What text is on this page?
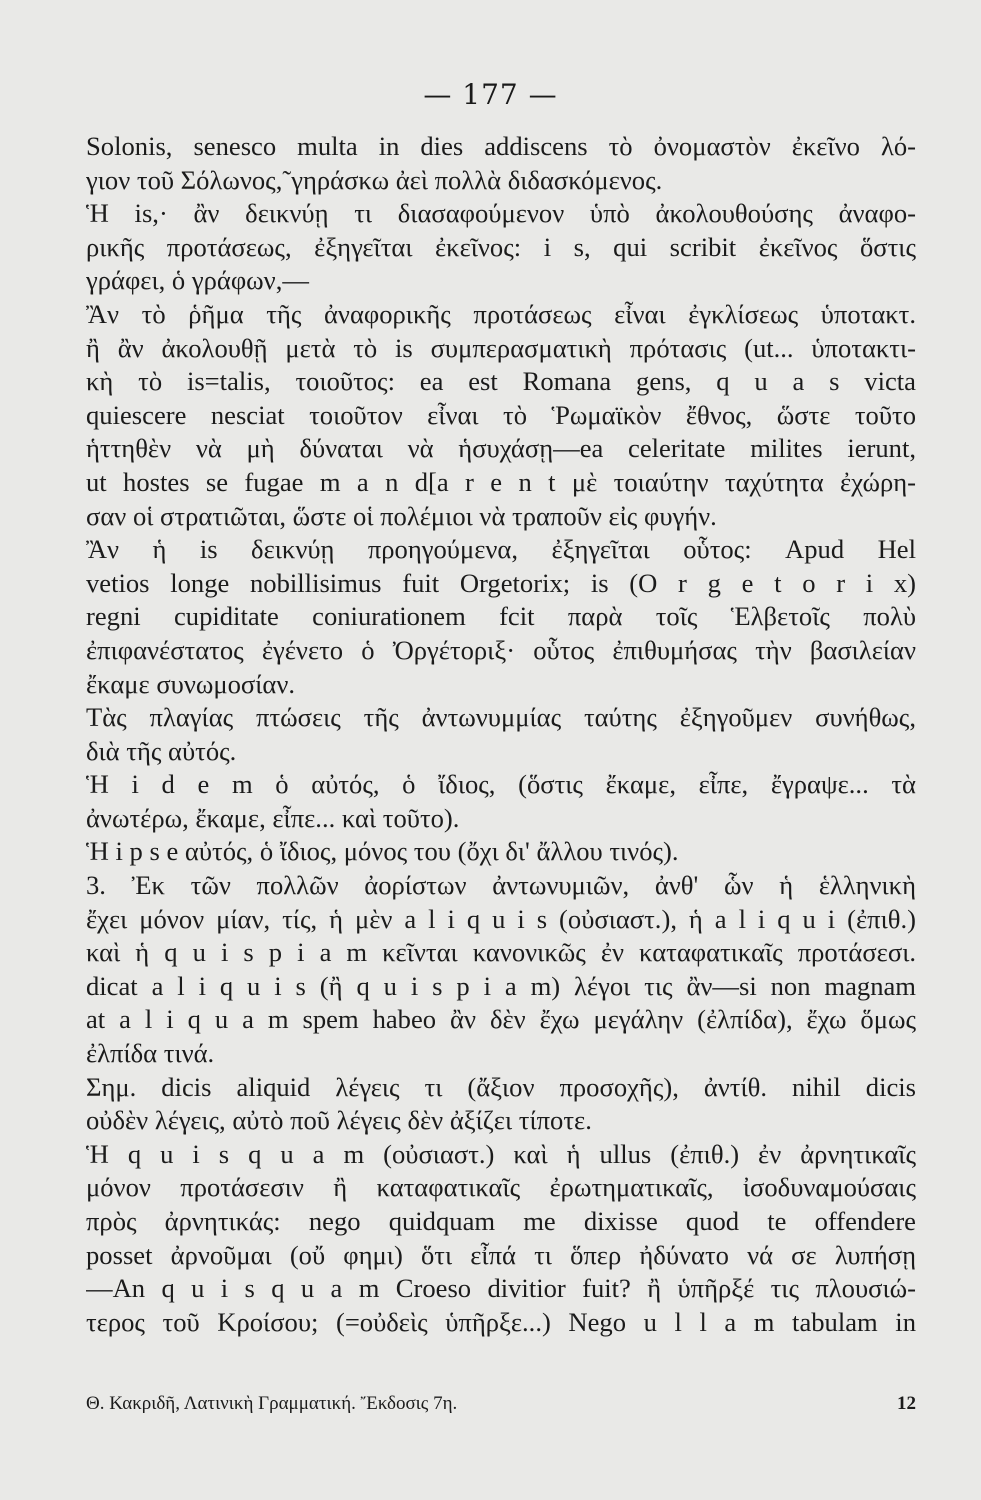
— 177 —
Solonis, senesco multa in dies addiscens τὸ ὀνομαστὸν ἐκεῖνο λό-
γιον τοῦ Σόλωνος,˜γηράσκω ἀεὶ πολλὰ διδασκόμενος.
Ἡ is,· ἂν δεικνύῃ τι διασαφούμενον ὑπὸ ἀκολουθούσης ἀναφο-
ρικῆς προτάσεως, ἐξηγεῖται ἐκεῖνος: i s, qui scribit ἐκεῖνος ὅστις
γράφει, ὁ γράφων,—
Ἂν τὸ ῥῆμα τῆς ἀναφορικῆς προτάσεως εἶναι ἐγκλίσεως ὑποτακτ.
ἢ ἂν ἀκολουθῇ μετὰ τὸ is συμπερασματικὴ πρότασις (ut... ὑποτακτι-
κὴ τὸ is=talis, τοιοῦτος: ea est Romana gens, q u a s victa
quiescere nesciat τοιοῦτον εἶναι τὸ Ῥωμαϊκὸν ἔθνος, ὥστε τοῦτο
ἡττηθὲν νὰ μὴ δύναται νὰ ἡσυχάσῃ—ea celeritate milites ierunt,
ut hostes se fugae m a n d[a r e n t μὲ τοιαύτην ταχύτητα ἐχώρη-
σαν οἱ στρατιῶται, ὥστε οἱ πολέμιοι νὰ τραποῦν εἰς φυγήν.
Ἂν ἡ is δεικνύῃ προηγούμενα, ἐξηγεῖται οὗτος: Apud Hel
vetios longe nobillisimus fuit Orgetorix; is (O r g e t o r i x)
regni cupiditate coniurationem fcit παρὰ τοῖς Ἑλβετοῖς πολὺ
ἐπιφανέστατος ἐγένετο ὁ Ὀργέτοριξ· οὗτος ἐπιθυμήσας τὴν βασιλείαν
ἔκαμε συνωμοσίαν.
Τὰς πλαγίας πτώσεις τῆς ἀντωνυμμίας ταύτης ἐξηγοῦμεν συνήθως,
διὰ τῆς αὐτός.
Ἡ i d e m ὁ αὐτός, ὁ ἴδιος, (ὅστις ἔκαμε, εἶπε, ἔγραψε... τὰ
ἀνωτέρω, ἔκαμε, εἶπε... καὶ τοῦτο).
Ἡ i p s e αὐτός, ὁ ἴδιος, μόνος του (ὄχι δι' ἄλλου τινός).
3. Ἐκ τῶν πολλῶν ἀορίστων ἀντωνυμιῶν, ἀνθ' ὧν ἡ ἑλληνικὴ
ἔχει μόνον μίαν, τίς, ἡ μὲν a l i q u i s (οὐσιαστ.), ἡ a l i q u i (ἐπιθ.)
καὶ ἡ q u i s p i a m κεῖνται κανονικῶς ἐν καταφατικαῖς προτάσεσι.
dicat a l i q u i s (ἢ q u i s p i a m) λέγοι τις ἂν—si non magnam
at a l i q u a m spem habeo ἂν δὲν ἔχω μεγάλην (ἐλπίδα), ἔχω ὅμως
ἐλπίδα τινά.
Σημ. dicis aliquid λέγεις τι (ἄξιον προσοχῆς), ἀντίθ. nihil dicis
οὐδὲν λέγεις, αὐτὸ ποῦ λέγεις δὲν ἀξίζει τίποτε.
Ἡ q u i s q u a m (οὐσιαστ.) καὶ ἡ ullus (ἐπιθ.) ἐν ἀρνητικαῖς
μόνον προτάσεσιν ἢ καταφατικαῖς ἐρωτηματικαῖς, ἰσοδυναμούσαις
πρὸς ἀρνητικάς: nego quidquam me dixisse quod te offendere
posset ἀρνοῦμαι (οὔ φημι) ὅτι εἶπά τι ὅπερ ἠδύνατο νά σε λυπήσῃ
—An q u i s q u a m Croeso divitior fuit? ἢ ὑπῆρξέ τις πλουσιώ-
τερος τοῦ Κροίσου; (=οὐδεὶς ὑπῆρξε...) Nego u l l a m tabulam in
Θ. Κακριδῆ, Λατινικὴ Γραμματική. Ἔκδοσις 7η.	12
